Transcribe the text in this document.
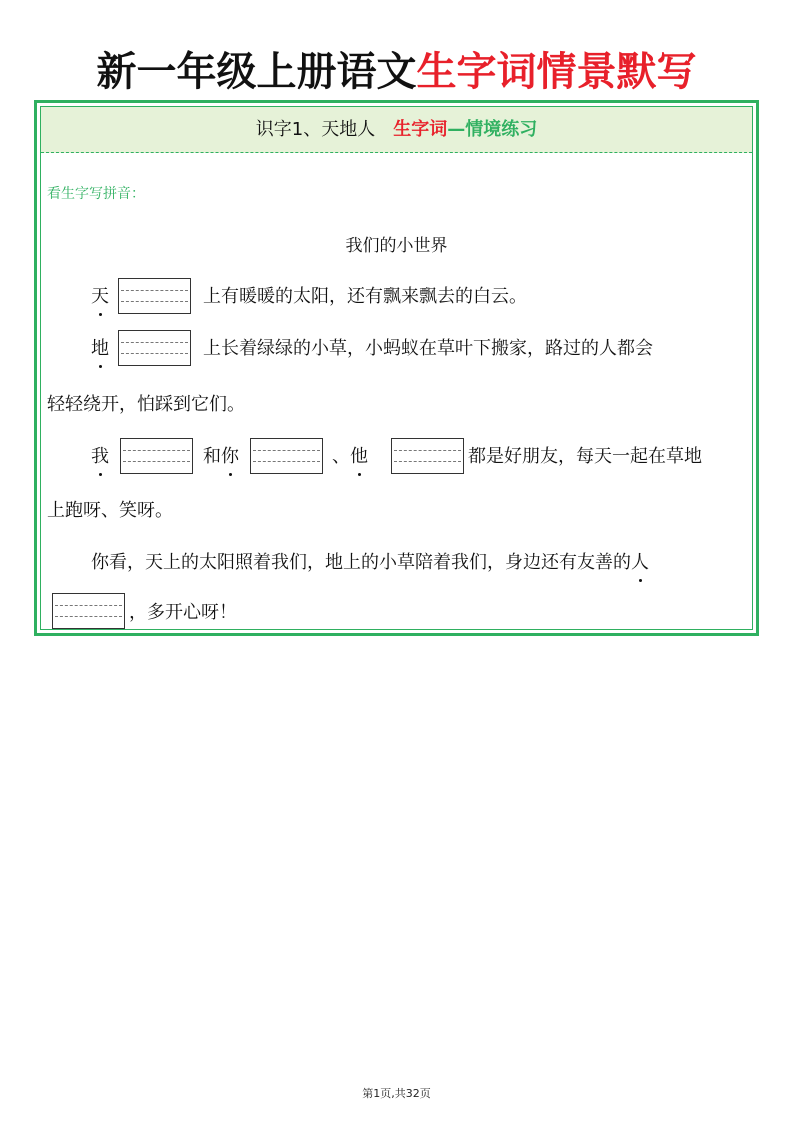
新一年级上册语文生字词情景默写
识字1、天地人 生字词—情境练习
看生字写拼音：
我们的小世界
天	上有暖暖的太阳，还有飘来飘去的白云。
地	上长着绿绿的小草，小蚂蚁在草叶下搬家，路过的人都会
轻轻绕开，怕踩到它们。
我	和你	、他	都是好朋友，每天一起在草地
上跑呀、笑呀。
你看，天上的太阳照着我们，地上的小草陪着我们，身边还有友善的人
，多开心呀！
第1页,共32页
